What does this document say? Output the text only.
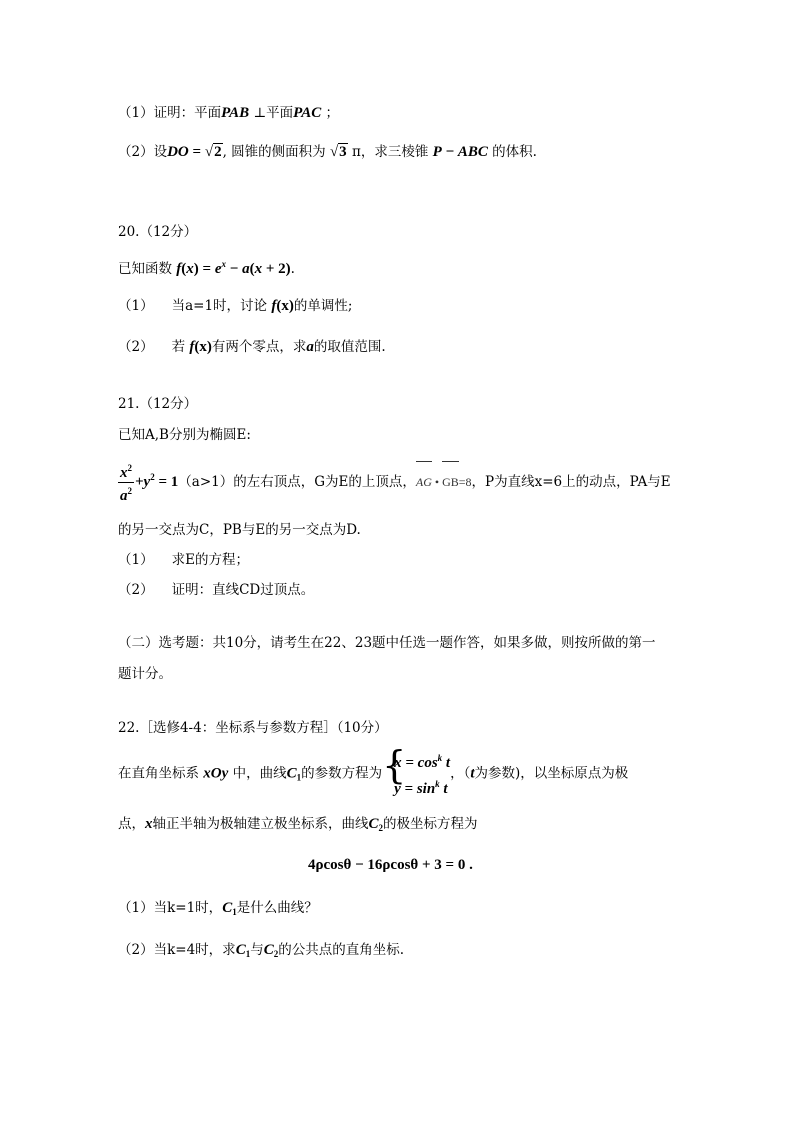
（1）证明：平面PAB ⊥平面PAC ；
（2）设DO = √2, 圆锥的侧面积为 √3 π，求三棱锥 P − ABC 的体积.
20.（12分）
已知函数 $f(x) = e^x - a(x + 2)$.
（1） 当a=1时，讨论 f(x)的单调性;
（2） 若 f(x)有两个零点，求a的取值范围.
21.（12分）
已知A,B分别为椭圆E:
$\frac{x^2}{a^2} +y^2 = 1(a>1)$的左右顶点，G为E的上顶点，AG • GB=8，P为直线x=6上的动点，PA与E
的另一交点为C，PB与E的另一交点为D.
（1） 求E的方程；
（2） 证明：直线CD过顶点。
（二）选考题：共10分，请考生在22、23题中任选一题作答，如果多做，则按所做的第一
题计分。
22.［选修4-4：坐标系与参数方程］（10分）
在直角坐标系 xOy 中，曲线$C_1$的参数方程为 {
$x = \cos^k t$
$y = \sin^k t$
，（t为参数)，以坐标原点为极
点，x轴正半轴为极轴建立极坐标系，曲线$C_2$的极坐标方程为
4ρcosθ − 16ρcosθ + 3 = 0 .
（1）当k=1时，$C_1$是什么曲线？
（2）当k=4时，求$C_1$与$C_2$的公共点的直角坐标.
